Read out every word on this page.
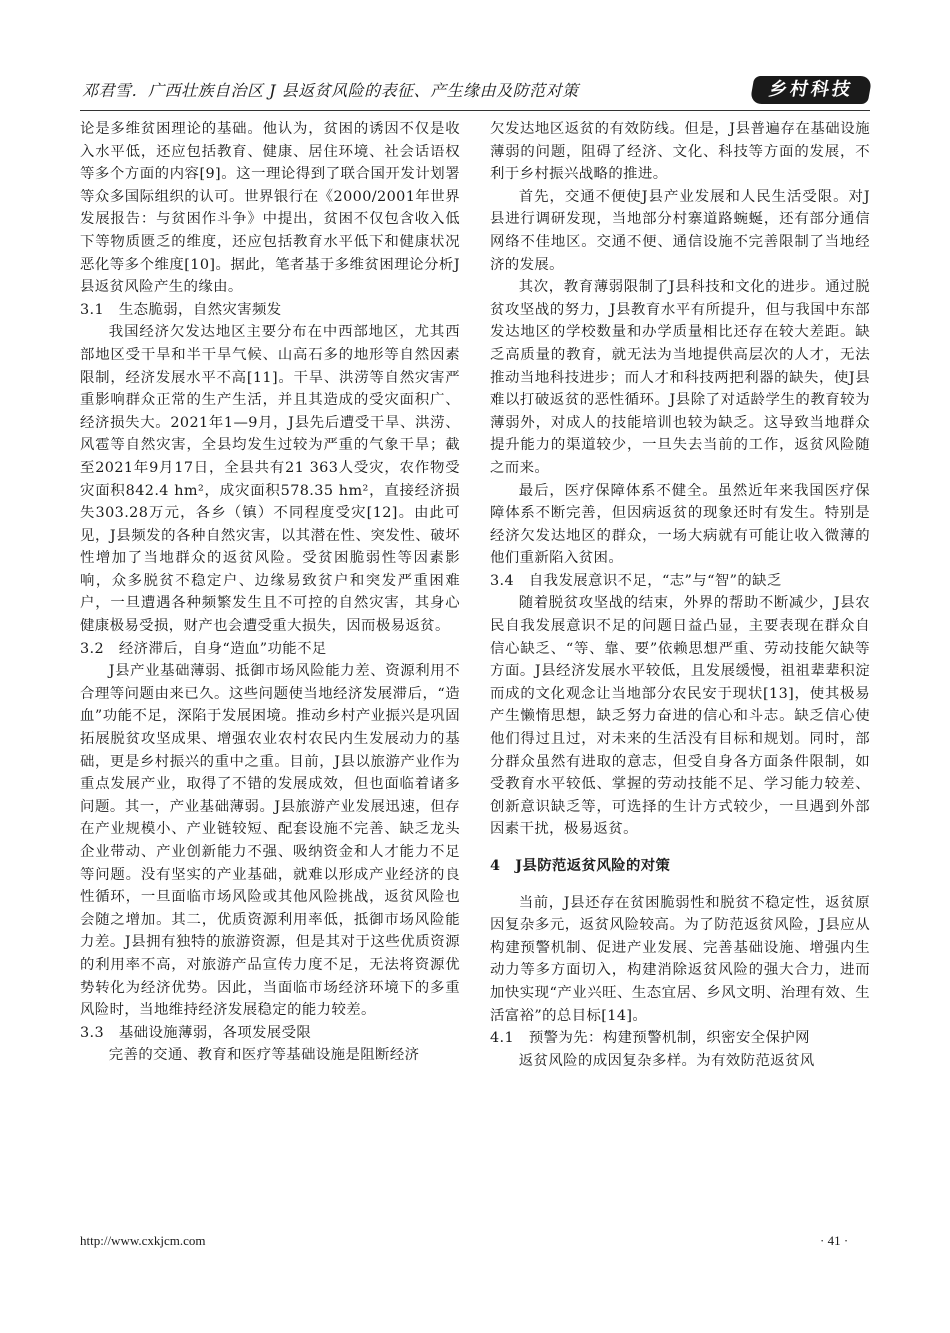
邓君雪．广西壮族自治区 J 县返贫风险的表征、产生缘由及防范对策	乡村科技

论是多维贫困理论的基础。他认为，贫困的诱因不仅是收入水平低，还应包括教育、健康、居住环境、社会话语权等多个方面的内容[9]。这一理论得到了联合国开发计划署等众多国际组织的认可。世界银行在《2000/2001年世界发展报告：与贫困作斗争》中提出，贫困不仅包含收入低下等物质匮乏的维度，还应包括教育水平低下和健康状况恶化等多个维度[10]。据此，笔者基于多维贫困理论分析J县返贫风险产生的缘由。

3.1　生态脆弱，自然灾害频发

我国经济欠发达地区主要分布在中西部地区，尤其西部地区受干旱和半干旱气候、山高石多的地形等自然因素限制，经济发展水平不高[11]。干旱、洪涝等自然灾害严重影响群众正常的生产生活，并且其造成的受灾面积广、经济损失大。2021年1—9月，J县先后遭受干旱、洪涝、风雹等自然灾害，全县均发生过较为严重的气象干旱；截至2021年9月17日，全县共有21 363人受灾，农作物受灾面积842.4 hm²，成灾面积578.35 hm²，直接经济损失303.28万元，各乡（镇）不同程度受灾[12]。由此可见，J县频发的各种自然灾害，以其潜在性、突发性、破坏性增加了当地群众的返贫风险。受贫困脆弱性等因素影响，众多脱贫不稳定户、边缘易致贫户和突发严重困难户，一旦遭遇各种频繁发生且不可控的自然灾害，其身心健康极易受损，财产也会遭受重大损失，因而极易返贫。

3.2　经济滞后，自身“造血”功能不足

J县产业基础薄弱、抵御市场风险能力差、资源利用不合理等问题由来已久。这些问题使当地经济发展滞后，“造血”功能不足，深陷于发展困境。推动乡村产业振兴是巩固拓展脱贫攻坚成果、增强农业农村农民内生发展动力的基础，更是乡村振兴的重中之重。目前，J县以旅游产业作为重点发展产业，取得了不错的发展成效，但也面临着诸多问题。其一，产业基础薄弱。J县旅游产业发展迅速，但存在产业规模小、产业链较短、配套设施不完善、缺乏龙头企业带动、产业创新能力不强、吸纳资金和人才能力不足等问题。没有坚实的产业基础，就难以形成产业经济的良性循环，一旦面临市场风险或其他风险挑战，返贫风险也会随之增加。其二，优质资源利用率低，抵御市场风险能力差。J县拥有独特的旅游资源，但是其对于这些优质资源的利用率不高，对旅游产品宣传力度不足，无法将资源优势转化为经济优势。因此，当面临市场经济环境下的多重风险时，当地维持经济发展稳定的能力较差。

3.3　基础设施薄弱，各项发展受限

完善的交通、教育和医疗等基础设施是阻断经济

欠发达地区返贫的有效防线。但是，J县普遍存在基础设施薄弱的问题，阻碍了经济、文化、科技等方面的发展，不利于乡村振兴战略的推进。

首先，交通不便使J县产业发展和人民生活受限。对J县进行调研发现，当地部分村寨道路蜿蜒，还有部分通信网络不佳地区。交通不便、通信设施不完善限制了当地经济的发展。

其次，教育薄弱限制了J县科技和文化的进步。通过脱贫攻坚战的努力，J县教育水平有所提升，但与我国中东部发达地区的学校数量和办学质量相比还存在较大差距。缺乏高质量的教育，就无法为当地提供高层次的人才，无法推动当地科技进步；而人才和科技两把利器的缺失，使J县难以打破返贫的恶性循环。J县除了对适龄学生的教育较为薄弱外，对成人的技能培训也较为缺乏。这导致当地群众提升能力的渠道较少，一旦失去当前的工作，返贫风险随之而来。

最后，医疗保障体系不健全。虽然近年来我国医疗保障体系不断完善，但因病返贫的现象还时有发生。特别是经济欠发达地区的群众，一场大病就有可能让收入微薄的他们重新陷入贫困。

3.4　自我发展意识不足，“志”与“智”的缺乏

随着脱贫攻坚战的结束，外界的帮助不断减少，J县农民自我发展意识不足的问题日益凸显，主要表现在群众自信心缺乏、“等、靠、要”依赖思想严重、劳动技能欠缺等方面。J县经济发展水平较低，且发展缓慢，祖祖辈辈积淀而成的文化观念让当地部分农民安于现状[13]，使其极易产生懒惰思想，缺乏努力奋进的信心和斗志。缺乏信心使他们得过且过，对未来的生活没有目标和规划。同时，部分群众虽然有进取的意志，但受自身各方面条件限制，如受教育水平较低、掌握的劳动技能不足、学习能力较差、创新意识缺乏等，可选择的生计方式较少，一旦遇到外部因素干扰，极易返贫。

4　J县防范返贫风险的对策

当前，J县还存在贫困脆弱性和脱贫不稳定性，返贫原因复杂多元，返贫风险较高。为了防范返贫风险，J县应从构建预警机制、促进产业发展、完善基础设施、增强内生动力等多方面切入，构建消除返贫风险的强大合力，进而加快实现“产业兴旺、生态宜居、乡风文明、治理有效、生活富裕”的总目标[14]。

4.1　预警为先：构建预警机制，织密安全保护网

返贫风险的成因复杂多样。为有效防范返贫风

http://www.cxkjcm.com	· 41 ·
